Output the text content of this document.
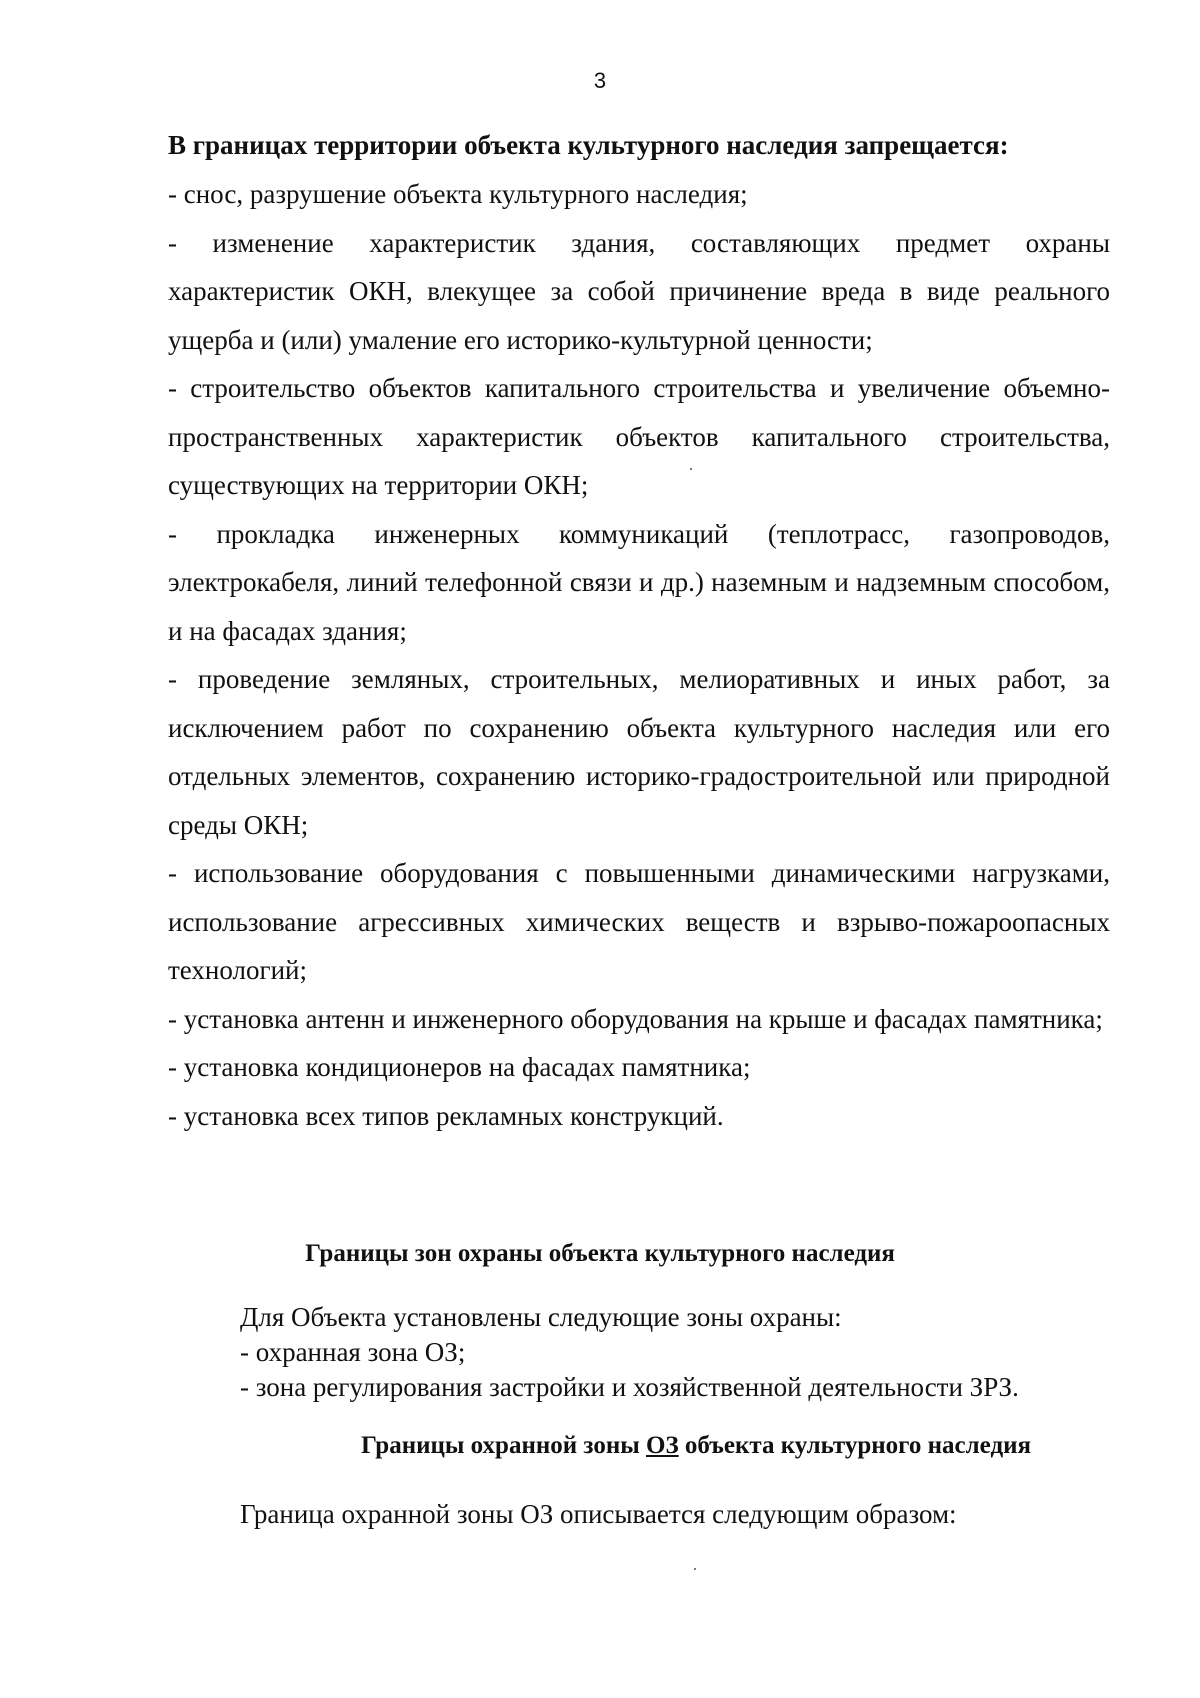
3

В границах территории объекта культурного наследия запрещается:

- снос, разрушение объекта культурного наследия;

- изменение характеристик здания, составляющих предмет охраны характеристик ОКН, влекущее за собой причинение вреда в виде реального ущерба и (или) умаление его историко-культурной ценности;

- строительство объектов капитального строительства и увеличение объемно-пространственных характеристик объектов капитального строительства, существующих на территории ОКН;

- прокладка инженерных коммуникаций (теплотрасс, газопроводов, электрокабеля, линий телефонной связи и др.) наземным и надземным способом, и на фасадах здания;

- проведение земляных, строительных, мелиоративных и иных работ, за исключением работ по сохранению объекта культурного наследия или его отдельных элементов, сохранению историко-градостроительной или природной среды ОКН;

- использование оборудования с повышенными динамическими нагрузками, использование агрессивных химических веществ и взрыво-пожароопасных технологий;

- установка антенн и инженерного оборудования на крыше и фасадах памятника;

- установка кондиционеров на фасадах памятника;

- установка всех типов рекламных конструкций.

Границы зон охраны объекта культурного наследия

Для Объекта установлены следующие зоны охраны:

- охранная зона ОЗ;

- зона регулирования застройки и хозяйственной деятельности ЗРЗ.

Границы охранной зоны ОЗ объекта культурного наследия

Граница охранной зоны ОЗ описывается следующим образом:
